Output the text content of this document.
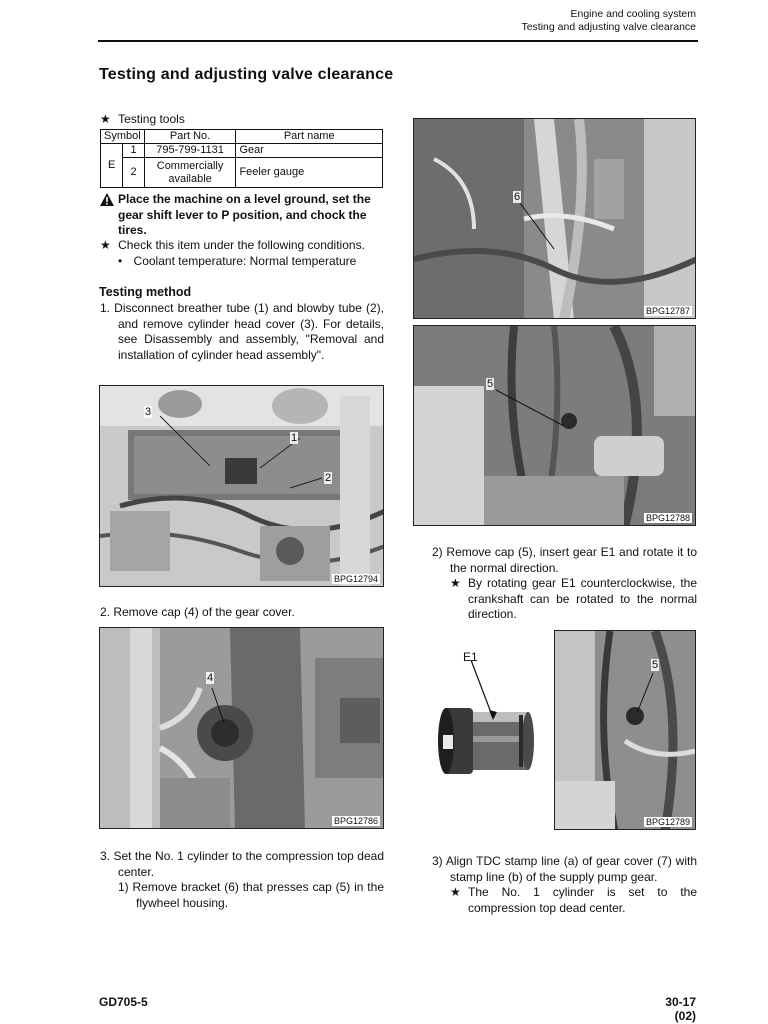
Engine and cooling system
Testing and adjusting valve clearance
Testing and adjusting valve clearance
★ Testing tools
Symbol		Part No.	Part name
E	1	795-799-1131	Gear
	2	Commercially available	Feeler gauge
Place the machine on a level ground, set the gear shift lever to P position, and chock the tires.
★ Check this item under the following conditions.
• Coolant temperature: Normal temperature
Testing method
1. Disconnect breather tube (1) and blowby tube (2), and remove cylinder head cover (3). For details, see Disassembly and assembly, "Removal and installation of cylinder head assembly".
3
1
2
BPG12794
2. Remove cap (4) of the gear cover.
4
BPG12786
3. Set the No. 1 cylinder to the compression top dead center.
1) Remove bracket (6) that presses cap (5) in the flywheel housing.
6
BPG12787
5
BPG12788
2) Remove cap (5), insert gear E1 and rotate it to the normal direction.
★ By rotating gear E1 counterclockwise, the crankshaft can be rotated to the normal direction.
E1
5
BPG12789
3) Align TDC stamp line (a) of gear cover (7) with stamp line (b) of the supply pump gear.
★ The No. 1 cylinder is set to the compression top dead center.
GD705-5	30-17
(02)
